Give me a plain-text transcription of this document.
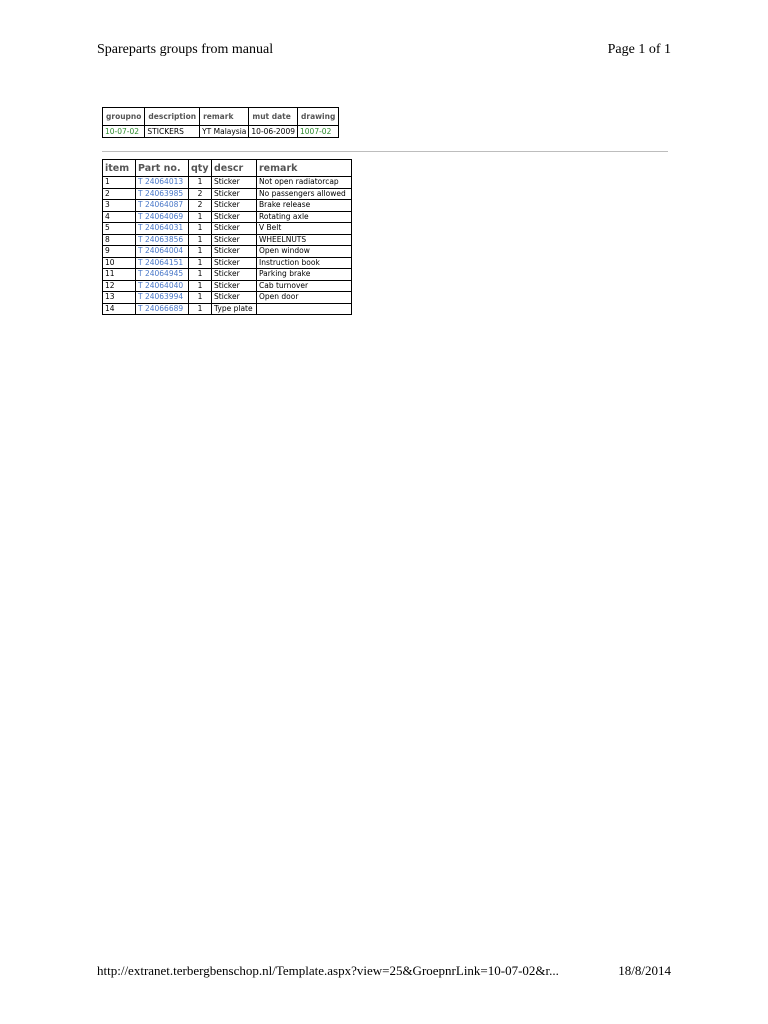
Spareparts groups from manual	Page 1 of 1
groupno	description	remark	mut date	drawing
10-07-02	STICKERS	YT Malaysia	10-06-2009	1007-02
item	Part no.	qty	descr	remark
1	T 24064013	1	Sticker	Not open radiatorcap
2	T 24063985	2	Sticker	No passengers allowed
3	T 24064087	2	Sticker	Brake release
4	T 24064069	1	Sticker	Rotating axle
5	T 24064031	1	Sticker	V Belt
8	T 24063856	1	Sticker	WHEELNUTS
9	T 24064004	1	Sticker	Open window
10	T 24064151	1	Sticker	Instruction book
11	T 24064945	1	Sticker	Parking brake
12	T 24064040	1	Sticker	Cab turnover
13	T 24063994	1	Sticker	Open door
14	T 24066689	1	Type plate	
http://extranet.terbergbenschop.nl/Template.aspx?view=25&GroepnrLink=10-07-02&r...	18/8/2014
